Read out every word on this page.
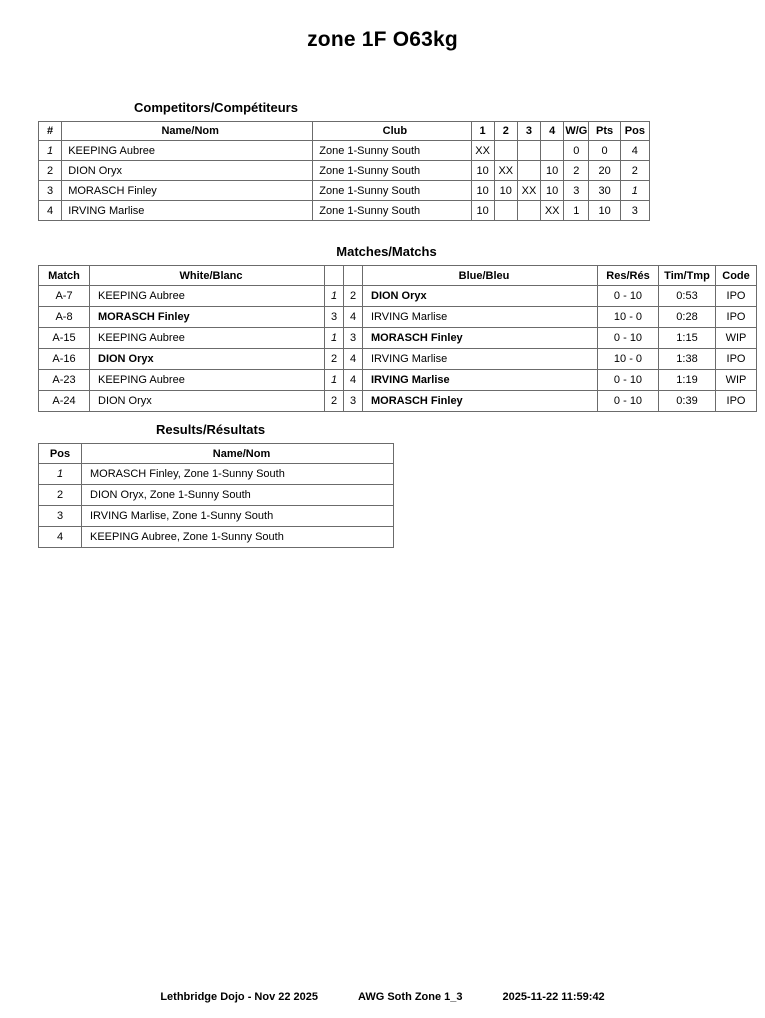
zone 1F O63kg
Competitors/Compétiteurs
#	Name/Nom	Club	1	2	3	4	W/G	Pts	Pos
1	KEEPING Aubree	Zone 1-Sunny South	XX				0	0	4
2	DION Oryx	Zone 1-Sunny South	10	XX		10	2	20	2
3	MORASCH Finley	Zone 1-Sunny South	10	10	XX	10	3	30	1
4	IRVING Marlise	Zone 1-Sunny South	10			XX	1	10	3
Matches/Matchs
Match	White/Blanc			Blue/Bleu	Res/Rés	Tim/Tmp	Code
A-7	KEEPING Aubree	1	2	DION Oryx	0 - 10	0:53	IPO
A-8	MORASCH Finley	3	4	IRVING Marlise	10 - 0	0:28	IPO
A-15	KEEPING Aubree	1	3	MORASCH Finley	0 - 10	1:15	WIP
A-16	DION Oryx	2	4	IRVING Marlise	10 - 0	1:38	IPO
A-23	KEEPING Aubree	1	4	IRVING Marlise	0 - 10	1:19	WIP
A-24	DION Oryx	2	3	MORASCH Finley	0 - 10	0:39	IPO
Results/Résultats
Pos	Name/Nom
1	MORASCH Finley, Zone 1-Sunny South
2	DION Oryx, Zone 1-Sunny South
3	IRVING Marlise, Zone 1-Sunny South
4	KEEPING Aubree, Zone 1-Sunny South
Lethbridge Dojo - Nov 22 2025	AWG Soth Zone 1_3	2025-11-22 11:59:42
